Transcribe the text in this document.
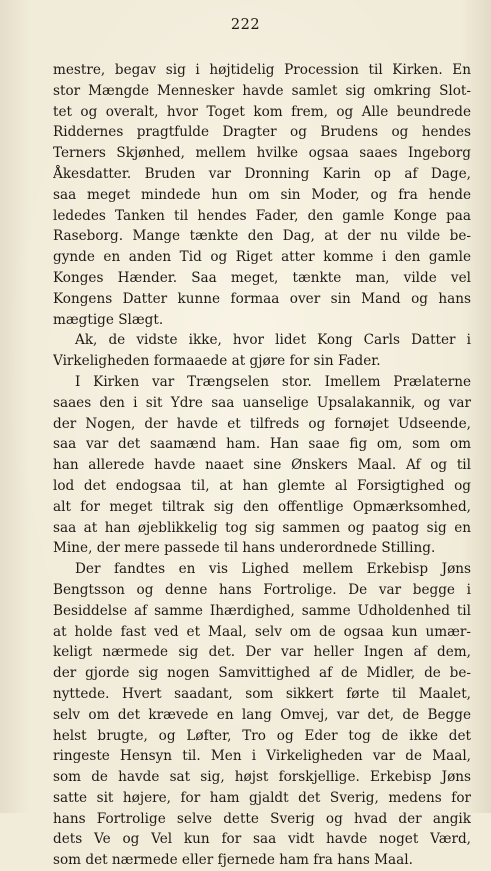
222
mestre, begav sig i højtidelig Procession til Kirken. En
stor Mængde Mennesker havde samlet sig omkring Slot-
tet og overalt, hvor Toget kom frem, og Alle beundrede
Riddernes pragtfulde Dragter og Brudens og hendes
Terners Skjønhed, mellem hvilke ogsaa saaes Ingeborg
Åkesdatter. Bruden var Dronning Karin op af Dage,
saa meget mindede hun om sin Moder, og fra hende
lededes Tanken til hendes Fader, den gamle Konge paa
Raseborg. Mange tænkte den Dag, at der nu vilde be-
gynde en anden Tid og Riget atter komme i den gamle
Konges Hænder. Saa meget, tænkte man, vilde vel
Kongens Datter kunne formaa over sin Mand og hans
mægtige Slægt.
Ak, de vidste ikke, hvor lidet Kong Carls Datter i
Virkeligheden formaaede at gjøre for sin Fader.
I Kirken var Trængselen stor. Imellem Prælaterne
saaes den i sit Ydre saa uanselige Upsalakannik, og var
der Nogen, der havde et tilfreds og fornøjet Udseende,
saa var det saamænd ham. Han saae fig om, som om
han allerede havde naaet sine Ønskers Maal. Af og til
lod det endogsaa til, at han glemte al Forsigtighed og
alt for meget tiltrak sig den offentlige Opmærksomhed,
saa at han øjeblikkelig tog sig sammen og paatog sig en
Mine, der mere passede til hans underordnede Stilling.
Der fandtes en vis Lighed mellem Erkebisp Jøns
Bengtsson og denne hans Fortrolige. De var begge i
Besiddelse af samme Ihærdighed, samme Udholdenhed til
at holde fast ved et Maal, selv om de ogsaa kun umær-
keligt nærmede sig det. Der var heller Ingen af dem,
der gjorde sig nogen Samvittighed af de Midler, de be-
nyttede. Hvert saadant, som sikkert førte til Maalet,
selv om det krævede en lang Omvej, var det, de Begge
helst brugte, og Løfter, Tro og Eder tog de ikke det
ringeste Hensyn til. Men i Virkeligheden var de Maal,
som de havde sat sig, højst forskjellige. Erkebisp Jøns
satte sit højere, for ham gjaldt det Sverig, medens for
hans Fortrolige selve dette Sverig og hvad der angik
dets Ve og Vel kun for saa vidt havde noget Værd,
som det nærmede eller fjernede ham fra hans Maal.
